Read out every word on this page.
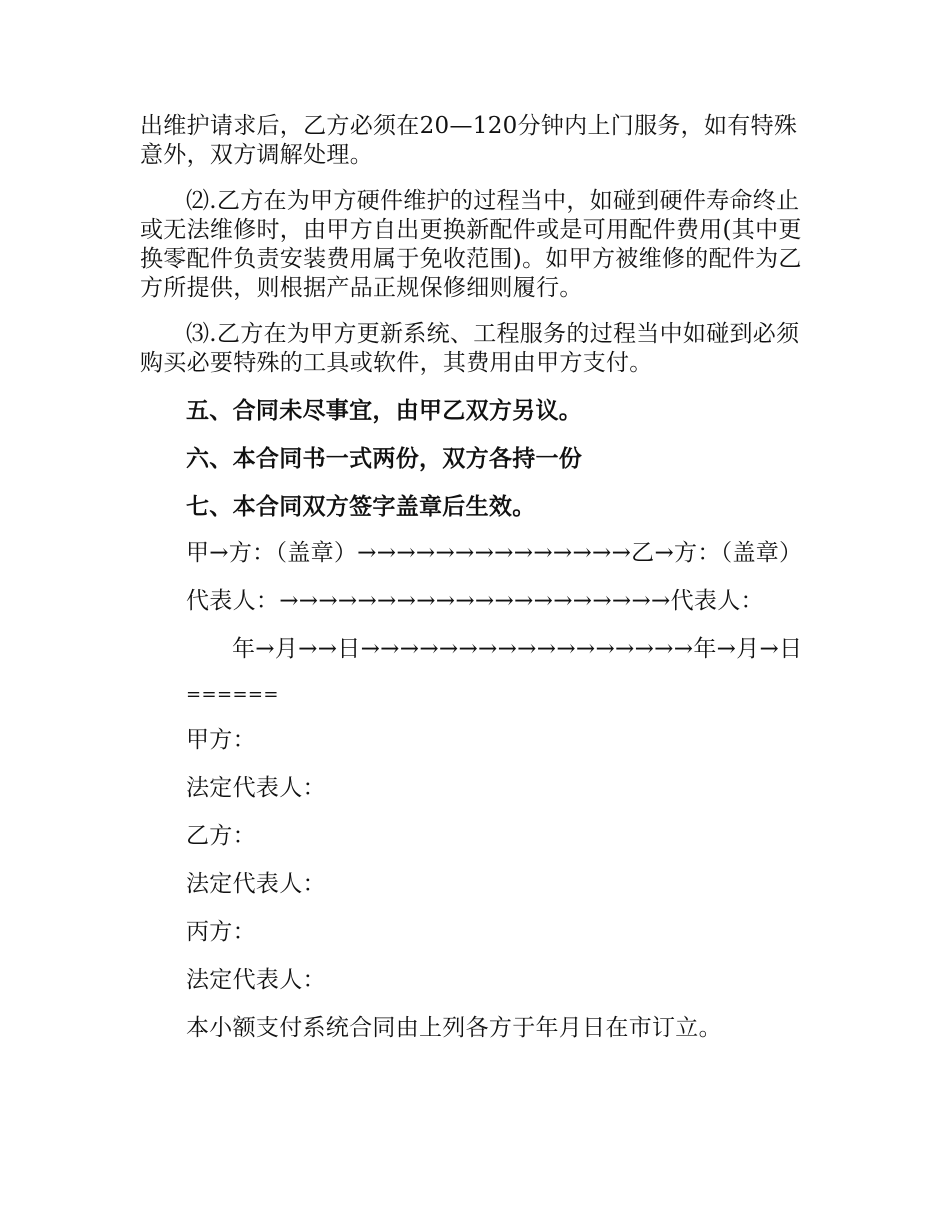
出维护请求后，乙方必须在20—120分钟内上门服务，如有特殊意外，双方调解处理。

⑵.乙方在为甲方硬件维护的过程当中，如碰到硬件寿命终止或无法维修时，由甲方自出更换新配件或是可用配件费用(其中更换零配件负责安装费用属于免收范围)。如甲方被维修的配件为乙方所提供，则根据产品正规保修细则履行。

⑶.乙方在为甲方更新系统、工程服务的过程当中如碰到必须购买必要特殊的工具或软件，其费用由甲方支付。

五、合同未尽事宜，由甲乙双方另议。

六、本合同书一式两份，双方各持一份

七、本合同双方签字盖章后生效。

甲→方：（盖章）→→→→→→→→→→→→→→乙→方：（盖章）

代表人：→→→→→→→→→→→→→→→→→→→→代表人：

年→月→→日→→→→→→→→→→→→→→→→→年→月→日

======

甲方：

法定代表人：

乙方：

法定代表人：

丙方：

法定代表人：

本小额支付系统合同由上列各方于年月日在市订立。
